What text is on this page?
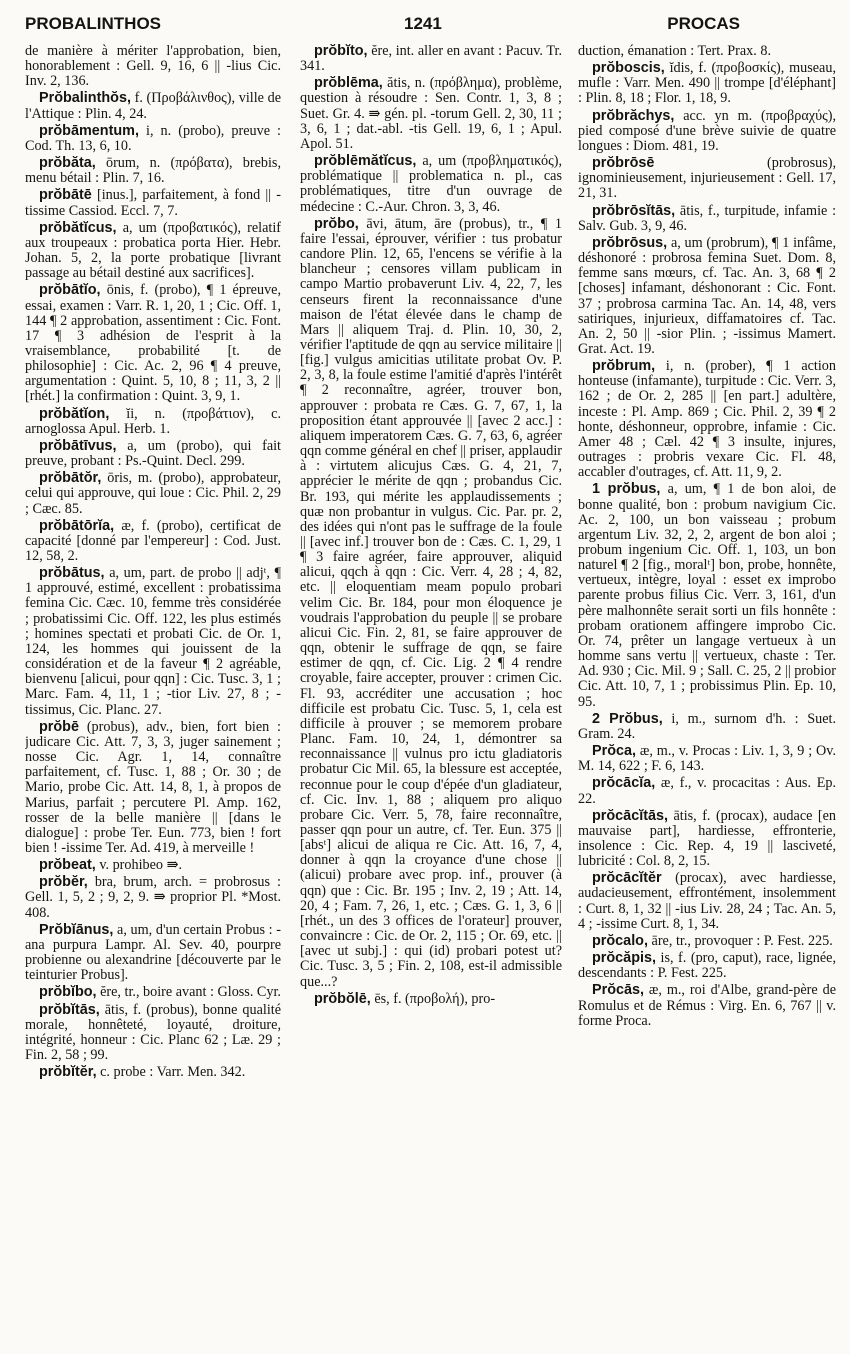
PROBALINTHOS	1241	PROCAS

de manière à mériter l'approbation, bien, honorablement : Gell. 9, 16, 6 || -lius Cic. Inv. 2, 136.

Prŏbalinthŏs, f. (Προβάλινθος), ville de l'Attique : Plin. 4, 24.

prŏbāmentum, i, n. (probo), preuve : Cod. Th. 13, 6, 10.

prŏbăta, ōrum, n. (πρόβατα), brebis, menu bétail : Plin. 7, 16.

prŏbātē [inus.], parfaitement, à fond || -tissime Cassiod. Eccl. 7, 7.

prŏbătĭcus, a, um (προβατικός), relatif aux troupeaux : probatica porta Hier. Hebr. Johan. 5, 2, la porte probatique [livrant passage au bétail destiné aux sacrifices].

prŏbātĭo, ōnis, f. (probo), ¶ 1 épreuve, essai, examen : Varr. R. 1, 20, 1 ; Cic. Off. 1, 144 ¶ 2 approbation, assentiment : Cic. Font. 17 ¶ 3 adhésion de l'esprit à la vraisemblance, probabilité [t. de philosophie] : Cic. Ac. 2, 96 ¶ 4 preuve, argumentation : Quint. 5, 10, 8 ; 11, 3, 2 || [rhét.] la confirmation : Quint. 3, 9, 1.

prŏbătĭon, ĭi, n. (προβάτιον), c. arnoglossa Apul. Herb. 1.

prŏbātīvus, a, um (probo), qui fait preuve, probant : Ps.-Quint. Decl. 299.

prŏbātŏr, ōris, m. (probo), approbateur, celui qui approuve, qui loue : Cic. Phil. 2, 29 ; Cæc. 85.

prŏbātōrĭa, æ, f. (probo), certificat de capacité [donné par l'empereur] : Cod. Just. 12, 58, 2.

prŏbātus, a, um, part. de probo || adjᵗ, ¶ 1 approuvé, estimé, excellent : probatissima femina Cic. Cæc. 10, femme très considérée ; probatissimi Cic. Off. 122, les plus estimés ; homines spectati et probati Cic. de Or. 1, 124, les hommes qui jouissent de la considération et de la faveur ¶ 2 agréable, bienvenu [alicui, pour qqn] : Cic. Tusc. 3, 1 ; Marc. Fam. 4, 11, 1 ; -tior Liv. 27, 8 ; -tissimus, Cic. Planc. 27.

prŏbē (probus), adv., bien, fort bien : judicare Cic. Att. 7, 3, 3, juger sainement ; nosse Cic. Agr. 1, 14, connaître parfaitement, cf. Tusc. 1, 88 ; Or. 30 ; de Mario, probe Cic. Att. 14, 8, 1, à propos de Marius, parfait ; percutere Pl. Amp. 162, rosser de la belle manière || [dans le dialogue] : probe Ter. Eun. 773, bien ! fort bien ! -issime Ter. Ad. 419, à merveille !

prŏbeat, v. prohibeo ⇛.

prŏbĕr, bra, brum, arch. = probrosus : Gell. 1, 5, 2 ; 9, 2, 9. ⇛ proprior Pl. *Most. 408.

Prŏbĭānus, a, um, d'un certain Probus : -ana purpura Lampr. Al. Sev. 40, pourpre probienne ou alexandrine [découverte par le teinturier Probus].

prŏbĭbo, ĕre, tr., boire avant : Gloss. Cyr.

prŏbĭtās, ātis, f. (probus), bonne qualité morale, honnêteté, loyauté, droiture, intégrité, honneur : Cic. Planc 62 ; Læ. 29 ; Fin. 2, 58 ; 99.

prŏbĭtĕr, c. probe : Varr. Men. 342.

prŏbĭto, ĕre, int. aller en avant : Pacuv. Tr. 341.

prŏblēma, ătis, n. (πρόβλημα), problème, question à résoudre : Sen. Contr. 1, 3, 8 ; Suet. Gr. 4. ⇛ gén. pl. -torum Gell. 2, 30, 11 ; 3, 6, 1 ; dat.-abl. -tis Gell. 19, 6, 1 ; Apul. Apol. 51.

prŏblēmătĭcus, a, um (προβληματικός), problématique || problematica n. pl., cas problématiques, titre d'un ouvrage de médecine : C.-Aur. Chron. 3, 3, 46.

prŏbo, āvi, ātum, āre (probus), tr., ¶ 1 faire l'essai, éprouver, vérifier : tus probatur candore Plin. 12, 65, l'encens se vérifie à la blancheur ; censores villam publicam in campo Martio probaverunt Liv. 4, 22, 7, les censeurs firent la reconnaissance d'une maison de l'état élevée dans le champ de Mars || aliquem Traj. d. Plin. 10, 30, 2, vérifier l'aptitude de qqn au service militaire || [fig.] vulgus amicitias utilitate probat Ov. P. 2, 3, 8, la foule estime l'amitié d'après l'intérêt ¶ 2 reconnaître, agréer, trouver bon, approuver : probata re Cæs. G. 7, 67, 1, la proposition étant approuvée || [avec 2 acc.] : aliquem imperatorem Cæs. G. 7, 63, 6, agréer qqn comme général en chef || priser, applaudir à : virtutem alicujus Cæs. G. 4, 21, 7, apprécier le mérite de qqn ; probandus Cic. Br. 193, qui mérite les applaudissements ; quæ non probantur in vulgus. Cic. Par. pr. 2, des idées qui n'ont pas le suffrage de la foule || [avec inf.] trouver bon de : Cæs. C. 1, 29, 1 ¶ 3 faire agréer, faire approuver, aliquid alicui, qqch à qqn : Cic. Verr. 4, 28 ; 4, 82, etc. || eloquentiam meam populo probari velim Cic. Br. 184, pour mon éloquence je voudrais l'approbation du peuple || se probare alicui Cic. Fin. 2, 81, se faire approuver de qqn, obtenir le suffrage de qqn, se faire estimer de qqn, cf. Cic. Lig. 2 ¶ 4 rendre croyable, faire accepter, prouver : crimen Cic. Fl. 93, accréditer une accusation ; hoc difficile est probatu Cic. Tusc. 5, 1, cela est difficile à prouver ; se memorem probare Planc. Fam. 10, 24, 1, démontrer sa reconnaissance || vulnus pro ictu gladiatoris probatur Cic Mil. 65, la blessure est acceptée, reconnue pour le coup d'épée d'un gladiateur, cf. Cic. Inv. 1, 88 ; aliquem pro aliquo probare Cic. Verr. 5, 78, faire reconnaître, passer qqn pour un autre, cf. Ter. Eun. 375 || [absᵗ] alicui de aliqua re Cic. Att. 16, 7, 4, donner à qqn la croyance d'une chose || (alicui) probare avec prop. inf., prouver (à qqn) que : Cic. Br. 195 ; Inv. 2, 19 ; Att. 14, 20, 4 ; Fam. 7, 26, 1, etc. ; Cæs. G. 1, 3, 6 || [rhét., un des 3 offices de l'orateur] prouver, convaincre : Cic. de Or. 2, 115 ; Or. 69, etc. || [avec ut subj.] : qui (id) probari potest ut? Cic. Tusc. 3, 5 ; Fin. 2, 108, est-il admissible que...?

prŏbŏlē, ēs, f. (προβολή), pro-

duction, émanation : Tert. Prax. 8.

prŏboscis, ĭdis, f. (προβοσκίς), museau, mufle : Varr. Men. 490 || trompe [d'éléphant] : Plin. 8, 18 ; Flor. 1, 18, 9.

prŏbrăchys, acc. yn m. (προβραχύς), pied composé d'une brève suivie de quatre longues : Diom. 481, 19.

prŏbrōsē	(probrosus), ignominieusement, injurieusement : Gell. 17, 21, 31.

prŏbrōsĭtās, ātis, f., turpitude, infamie : Salv. Gub. 3, 9, 46.

prŏbrōsus, a, um (probrum), ¶ 1 infâme, déshonoré : probrosa femina Suet. Dom. 8, femme sans mœurs, cf. Tac. An. 3, 68 ¶ 2 [choses] infamant, déshonorant : Cic. Font. 37 ; probrosa carmina Tac. An. 14, 48, vers satiriques, injurieux, diffamatoires cf. Tac. An. 2, 50 || -sior Plin. ; -issimus Mamert. Grat. Act. 19.

prŏbrum, i, n. (prober), ¶ 1 action honteuse (infamante), turpitude : Cic. Verr. 3, 162 ; de Or. 2, 285 || [en part.] adultère, inceste : Pl. Amp. 869 ; Cic. Phil. 2, 39 ¶ 2 honte, déshonneur, opprobre, infamie : Cic. Amer 48 ; Cæl. 42 ¶ 3 insulte, injures, outrages : probris vexare Cic. Fl. 48, accabler d'outrages, cf. Att. 11, 9, 2.

1 prŏbus, a, um, ¶ 1 de bon aloi, de bonne qualité, bon : probum navigium Cic. Ac. 2, 100, un bon vaisseau ; probum argentum Liv. 32, 2, 2, argent de bon aloi ; probum ingenium Cic. Off. 1, 103, un bon naturel ¶ 2 [fig., moralᵗ] bon, probe, honnête, vertueux, intègre, loyal : esset ex improbo parente probus filius Cic. Verr. 3, 161, d'un père malhonnête serait sorti un fils honnête : probam orationem affingere improbo Cic. Or. 74, prêter un langage vertueux à un homme sans vertu || vertueux, chaste : Ter. Ad. 930 ; Cic. Mil. 9 ; Sall. C. 25, 2 || probior Cic. Att. 10, 7, 1 ; probissimus Plin. Ep. 10, 95.

2 Prŏbus, i, m., surnom d'h. : Suet. Gram. 24.

Prŏca, æ, m., v. Procas : Liv. 1, 3, 9 ; Ov. M. 14, 622 ; F. 6, 143.

prŏcācĭa, æ, f., v. procacitas : Aus. Ep. 22.

prŏcācĭtās, ātis, f. (procax), audace [en mauvaise part], hardiesse, effronterie, insolence : Cic. Rep. 4, 19 || lasciveté, lubricité : Col. 8, 2, 15.

prŏcācĭtĕr (procax), avec hardiesse, audacieusement, effrontément, insolemment : Curt. 8, 1, 32 || -ius Liv. 28, 24 ; Tac. An. 5, 4 ; -issime Curt. 8, 1, 34.

prŏcalo, āre, tr., provoquer : P. Fest. 225.

prŏcăpis, is, f. (pro, caput), race, lignée, descendants : P. Fest. 225.

Prŏcās, æ, m., roi d'Albe, grand-père de Romulus et de Rémus : Virg. En. 6, 767 || v. forme Proca.
